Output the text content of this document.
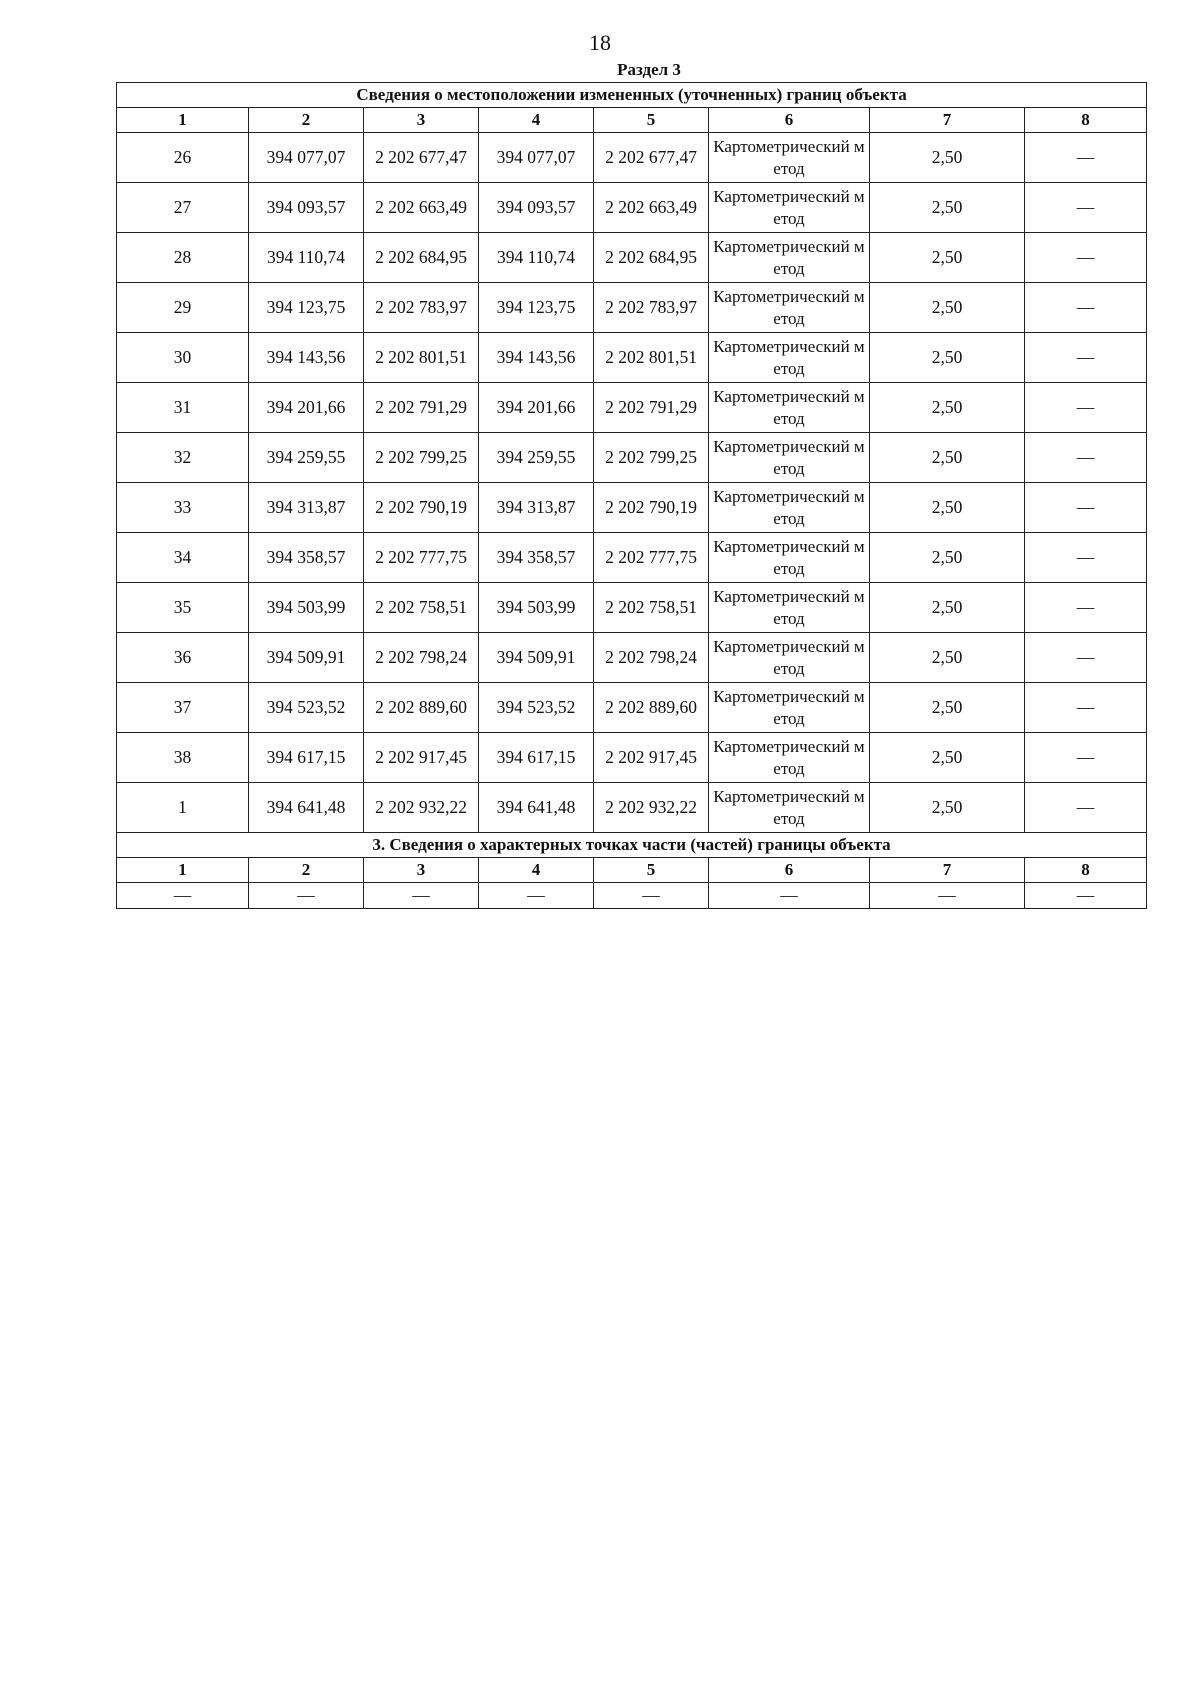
18
Раздел 3
Сведения о местоположении измененных (уточненных) границ объекта							
1	2	3	4	5	6	7	8
26	394 077,07	2 202 677,47	394 077,07	2 202 677,47	Картометрический метод	2,50	—
27	394 093,57	2 202 663,49	394 093,57	2 202 663,49	Картометрический метод	2,50	—
28	394 110,74	2 202 684,95	394 110,74	2 202 684,95	Картометрический метод	2,50	—
29	394 123,75	2 202 783,97	394 123,75	2 202 783,97	Картометрический метод	2,50	—
30	394 143,56	2 202 801,51	394 143,56	2 202 801,51	Картометрический метод	2,50	—
31	394 201,66	2 202 791,29	394 201,66	2 202 791,29	Картометрический метод	2,50	—
32	394 259,55	2 202 799,25	394 259,55	2 202 799,25	Картометрический метод	2,50	—
33	394 313,87	2 202 790,19	394 313,87	2 202 790,19	Картометрический метод	2,50	—
34	394 358,57	2 202 777,75	394 358,57	2 202 777,75	Картометрический метод	2,50	—
35	394 503,99	2 202 758,51	394 503,99	2 202 758,51	Картометрический метод	2,50	—
36	394 509,91	2 202 798,24	394 509,91	2 202 798,24	Картометрический метод	2,50	—
37	394 523,52	2 202 889,60	394 523,52	2 202 889,60	Картометрический метод	2,50	—
38	394 617,15	2 202 917,45	394 617,15	2 202 917,45	Картометрический метод	2,50	—
1	394 641,48	2 202 932,22	394 641,48	2 202 932,22	Картометрический метод	2,50	—
3. Сведения о характерных точках части (частей) границы объекта							
1	2	3	4	5	6	7	8
—	—	—	—	—	—	—	—
